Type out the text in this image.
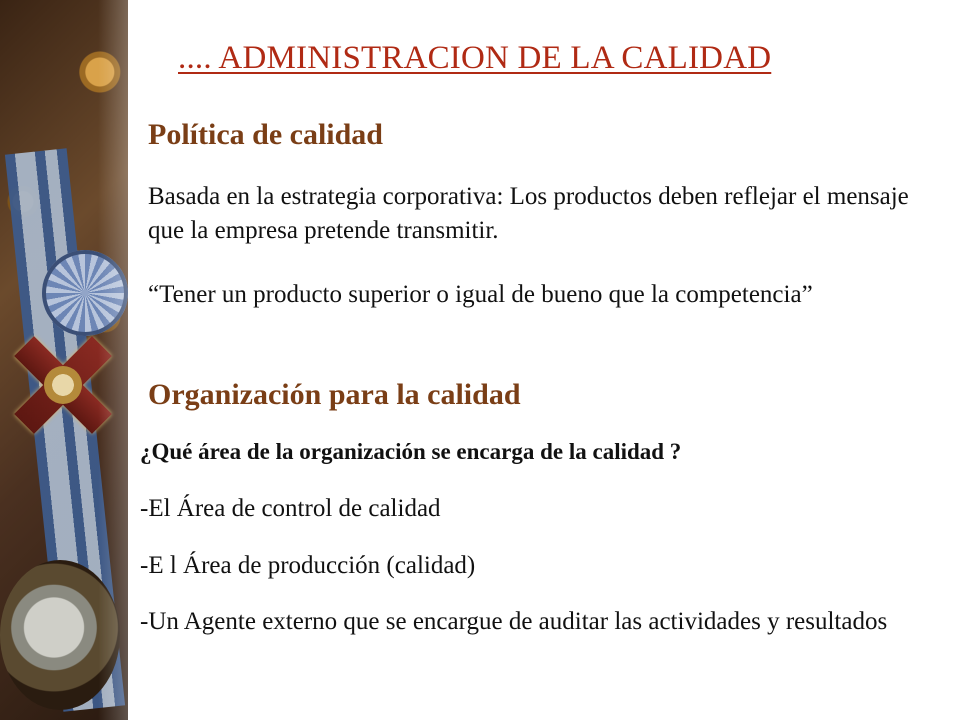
.... ADMINISTRACION DE LA CALIDAD
Política de calidad

Basada en la estrategia corporativa: Los productos deben reflejar el mensaje que la empresa pretende transmitir.

“Tener un producto superior o igual de bueno que la competencia”

Organización para la calidad

¿Qué área de la organización se encarga de la calidad ?

-El Área de control de calidad

-E l Área de producción (calidad)

-Un Agente externo que se encargue de auditar las actividades y resultados
